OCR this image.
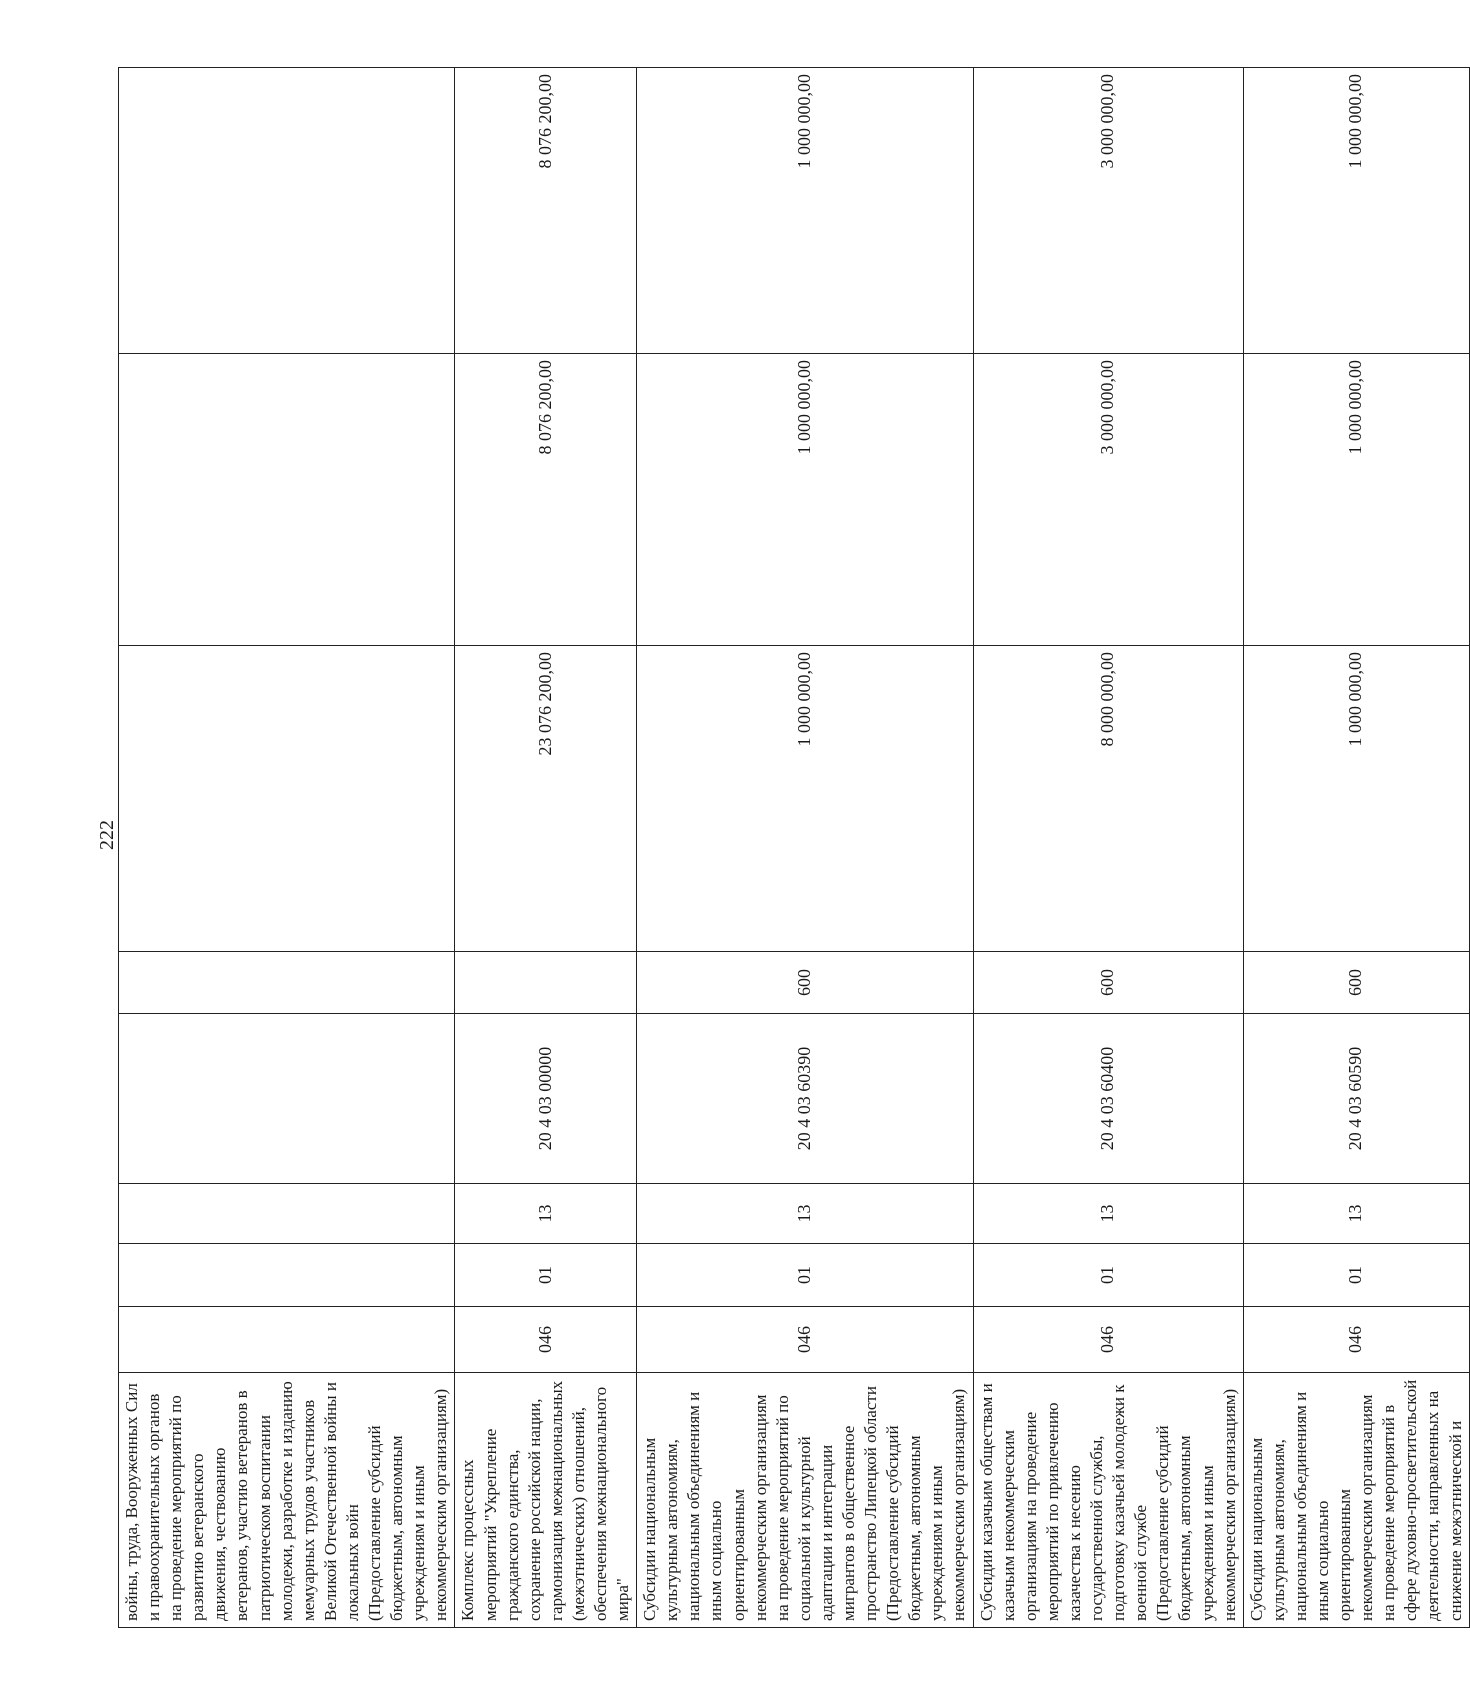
222
войны, труда, Вооруженных Сил и правоохранительных органов на проведение мероприятий по развитию ветеранского движения, чествованию ветеранов, участию ветеранов в патриотическом воспитании молодежи, разработке и изданию мемуарных трудов участников Великой Отечественной войны и локальных войн (Предоставление субсидий бюджетным, автономным учреждениям и иным некоммерческим организациям)								
Комплекс процессных мероприятий "Укрепление гражданского единства, сохранение российской нации, гармонизация межнациональных (межэтнических) отношений, обеспечения межнационального мира"	046	01	13	20 4 03 00000		23 076 200,00	8 076 200,00	8 076 200,00
Субсидии национальным культурным автономиям, национальным объединениям и иным социально ориентированным некоммерческим организациям на проведение мероприятий по социальной и культурной адаптации и интеграции мигрантов в общественное пространство Липецкой области (Предоставление субсидий бюджетным, автономным учреждениям и иным некоммерческим организациям)	046	01	13	20 4 03 60390	600	1 000 000,00	1 000 000,00	1 000 000,00
Субсидии казачьим обществам и казачьим некоммерческим организациям на проведение мероприятий по привлечению казачества к несению государственной службы, подготовку казачьей молодежи к военной службе (Предоставление субсидий бюджетным, автономным учреждениям и иным некоммерческим организациям)	046	01	13	20 4 03 60400	600	8 000 000,00	3 000 000,00	3 000 000,00
Субсидии национальным культурным автономиям, национальным объединениям и иным социально ориентированным некоммерческим организациям на проведение мероприятий в сфере духовно-просветительской деятельности, направленных на снижение межэтнической и	046	01	13	20 4 03 60590	600	1 000 000,00	1 000 000,00	1 000 000,00
